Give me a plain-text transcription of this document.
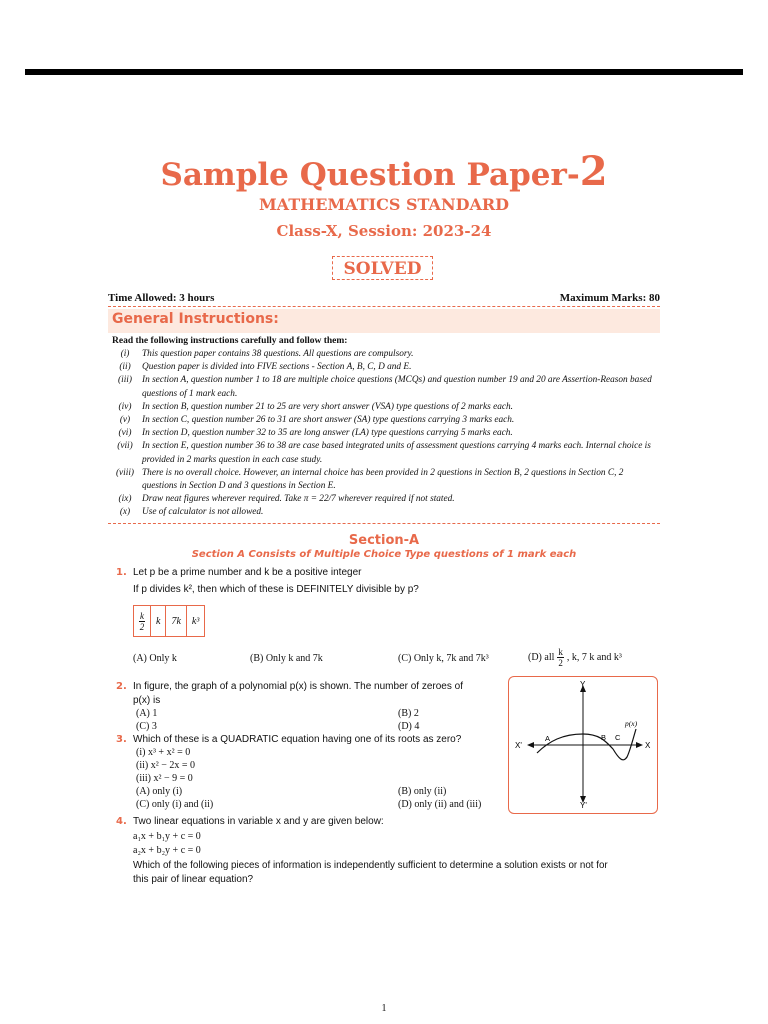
Sample Question Paper-2
MATHEMATICS STANDARD
Class-X, Session: 2023-24
SOLVED
Time Allowed: 3 hours	Maximum Marks: 80
General Instructions:
Read the following instructions carefully and follow them:
(i)	This question paper contains 38 questions. All questions are compulsory.
(ii)	Question paper is divided into FIVE sections - Section A, B, C, D and E.
(iii)	In section A, question number 1 to 18 are multiple choice questions (MCQs) and question number 19 and 20 are Assertion-Reason based questions of 1 mark each.
(iv)	In section B, question number 21 to 25 are very short answer (VSA) type questions of 2 marks each.
(v)	In section C, question number 26 to 31 are short answer (SA) type questions carrying 3 marks each.
(vi)	In section D, question number 32 to 35 are long answer (LA) type questions carrying 5 marks each.
(vii) In section E, question number 36 to 38 are case based integrated units of assessment questions carrying 4 marks each. Internal choice is provided in 2 marks question in each case study.
(viii) There is no overall choice. However, an internal choice has been provided in 2 questions in Section B, 2 questions in Section C, 2 questions in Section D and 3 questions in Section E.
(ix)	Draw neat figures wherever required. Take π = 22/7 wherever required if not stated.
(x)	Use of calculator is not allowed.
Section-A
Section A Consists of Multiple Choice Type questions of 1 mark each
1. Let p be a prime number and k be a positive integer
If p divides k², then which of these is DEFINITELY divisible by p?
$\frac{k}{2}$	k	7k	k³
(A) Only k	(B) Only k and 7k	(C) Only k, 7k and 7k³	(D) all $\frac{k}{2}$ , k, 7 k and k³
2. In figure, the graph of a polynomial p(x) is shown. The number of zeroes of
p(x) is
(A) 1	(B) 2
(C) 3	(D) 4
3. Which of these is a QUADRATIC equation having one of its roots as zero?
(i) x³ + x² = 0
(ii) x² − 2x = 0
(iii) x² − 9 = 0
(A) only (i)	(B) only (ii)
(C) only (i) and (ii)	(D) only (ii) and (iii)
Y
Y'
X'	X
A	B C
p(x)
4. Two linear equations in variable x and y are given below:
a₁x + b₁y + c = 0
a₂x + b₂y + c = 0
Which of the following pieces of information is independently sufficient to determine a solution exists or not for
this pair of linear equation?
1
